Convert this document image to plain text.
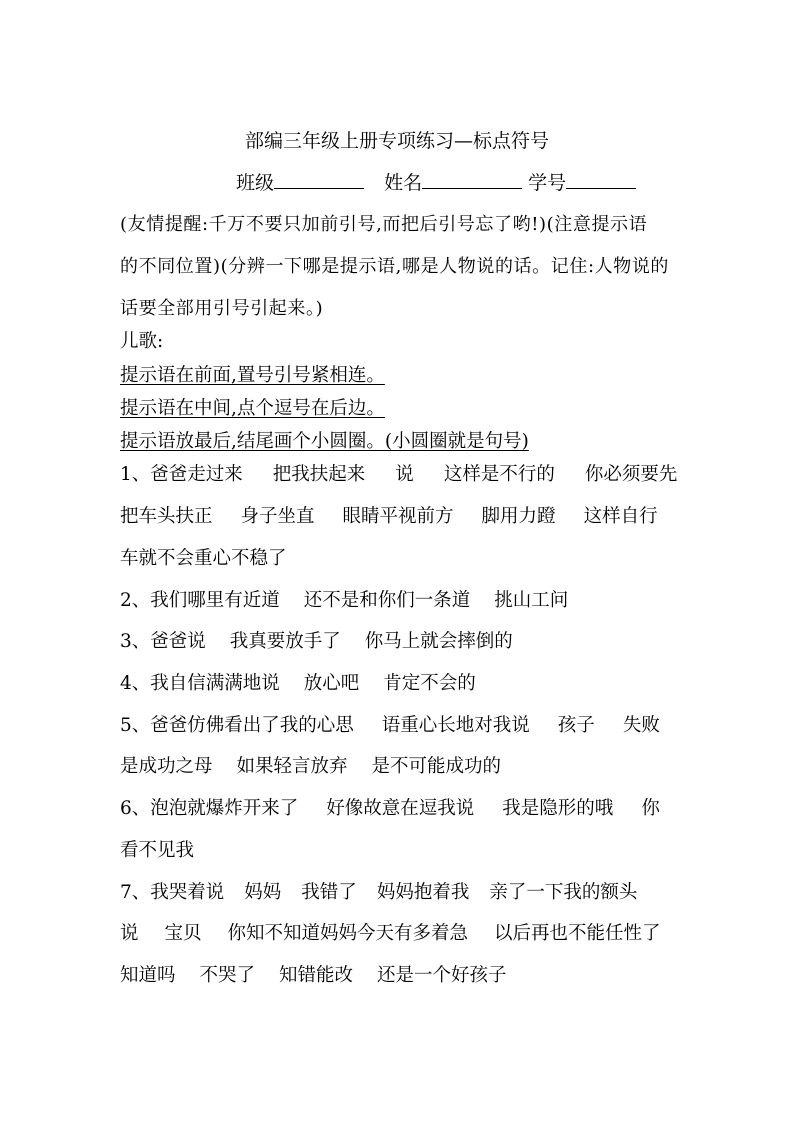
部编三年级上册专项练习—标点符号
班级	姓名	学号
(友情提醒:千万不要只加前引号,而把后引号忘了哟!)(注意提示语
的不同位置)(分辨一下哪是提示语,哪是人物说的话。记住:人物说的
话要全部用引号引起来。)
儿歌:
提示语在前面,置号引号紧相连。
提示语在中间,点个逗号在后边。
提示语放最后,结尾画个小圆圈。(小圆圈就是句号)
1、爸爸走过来 把我扶起来 说 这样是不行的 你必须要先
把车头扶正 身子坐直 眼睛平视前方 脚用力蹬 这样自行
车就不会重心不稳了
2、我们哪里有近道 还不是和你们一条道 挑山工问
3、爸爸说 我真要放手了 你马上就会摔倒的
4、我自信满满地说 放心吧 肯定不会的
5、爸爸仿佛看出了我的心思 语重心长地对我说 孩子 失败
是成功之母 如果轻言放弃 是不可能成功的
6、泡泡就爆炸开来了 好像故意在逗我说 我是隐形的哦 你
看不见我
7、我哭着说 妈妈 我错了 妈妈抱着我 亲了一下我的额头
说 宝贝 你知不知道妈妈今天有多着急 以后再也不能任性了
知道吗 不哭了 知错能改 还是一个好孩子
